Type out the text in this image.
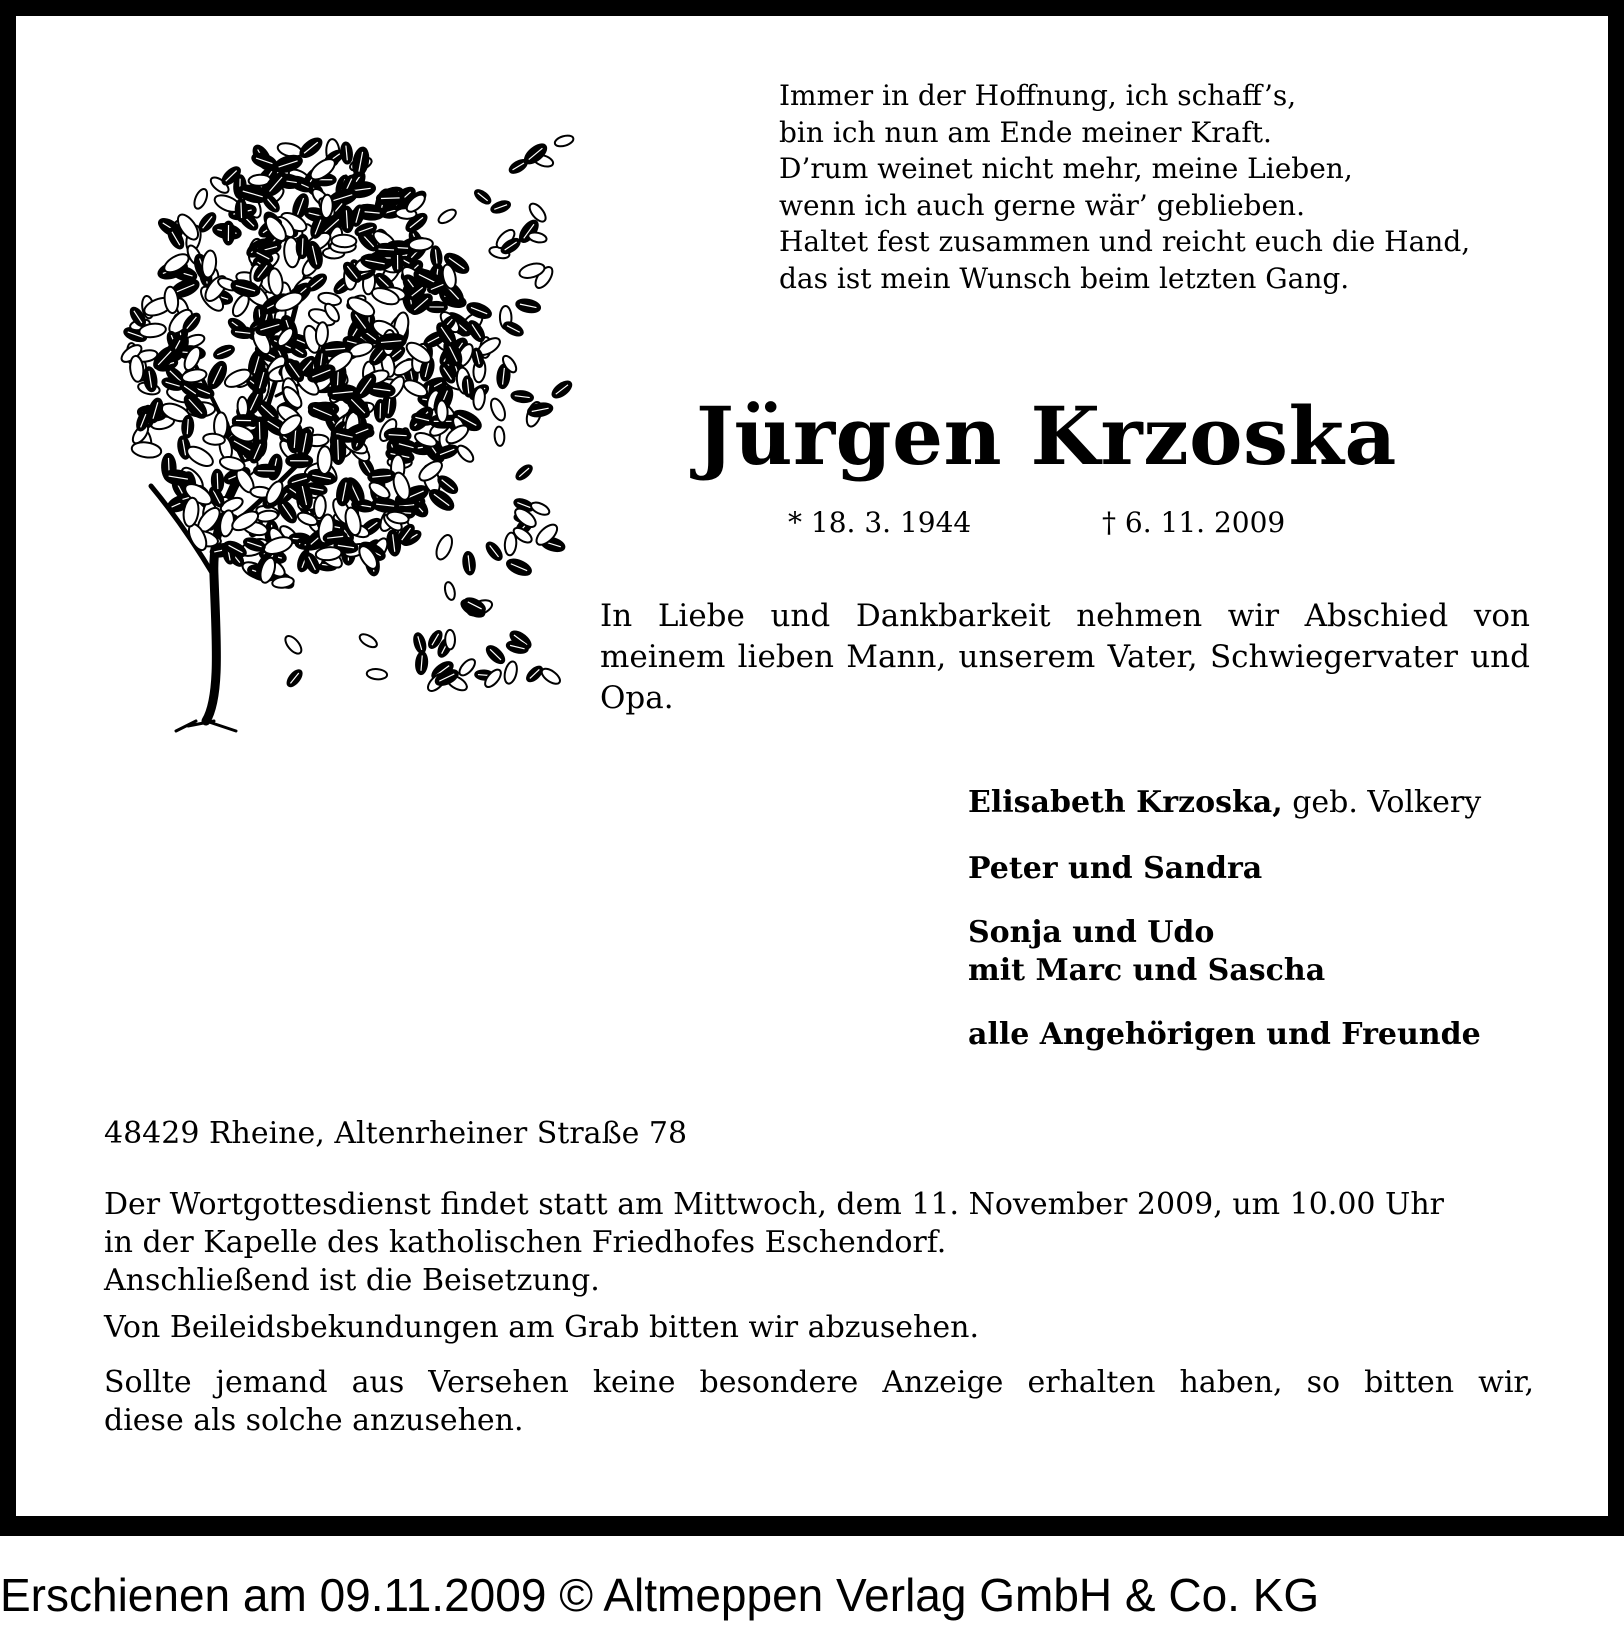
Immer in der Hoffnung, ich schaff’s,
bin ich nun am Ende meiner Kraft.
D’rum weinet nicht mehr, meine Lieben,
wenn ich auch gerne wär’ geblieben.
Haltet fest zusammen und reicht euch die Hand,
das ist mein Wunsch beim letzten Gang.
Jürgen Krzoska
* 18. 3. 1944	† 6. 11. 2009
In Liebe und Dankbarkeit nehmen wir Abschied von meinem lieben Mann, unserem Vater, Schwiegervater und Opa.
Elisabeth Krzoska, geb. Volkery
Peter und Sandra
Sonja und Udo
mit Marc und Sascha
alle Angehörigen und Freunde
48429 Rheine, Altenrheiner Straße 78
Der Wortgottesdienst findet statt am Mittwoch, dem 11. November 2009, um 10.00 Uhr
in der Kapelle des katholischen Friedhofes Eschendorf.
Anschließend ist die Beisetzung.
Von Beileidsbekundungen am Grab bitten wir abzusehen.
Sollte jemand aus Versehen keine besondere Anzeige erhalten haben, so bitten wir,
diese als solche anzusehen.
Erschienen am 09.11.2009 © Altmeppen Verlag GmbH & Co. KG
